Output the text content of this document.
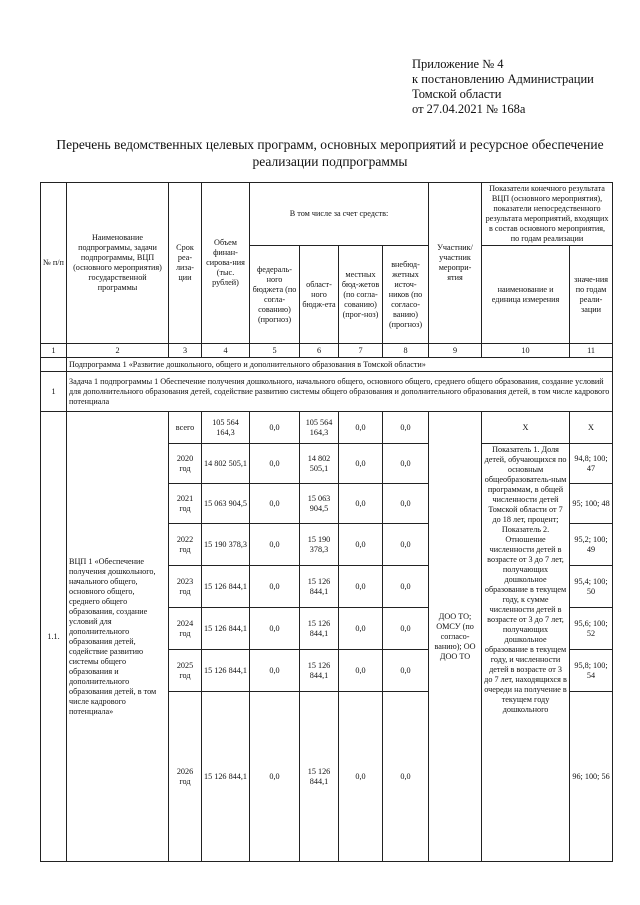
Приложение № 4
к постановлению Администрации
Томской области
от 27.04.2021 № 168а
Перечень ведомственных целевых программ, основных мероприятий и ресурсное обеспечение
реализации подпрограммы
№ п/п	Наименование подпрограммы, задачи подпрограммы, ВЦП (основного мероприятия) государственной программы	Срок реа-лиза-ции	Объем финан-сирова-ния (тыс. рублей)	В том числе за счет средств:				Участник/ участник меропри-ятия	Показатели конечного результата ВЦП (основного мероприятия), показатели непосредственного результата мероприятий, входящих в состав основного мероприятия, по годам реализации	
				федераль-ного бюджета (по согла-сованию) (прогноз)	област-ного бюдж-ета	местных бюд-жетов (по согла-сованию) (прог-ноз)	внебюд-жетных источ-ников (по согласо-ванию) (прогноз)		наименование и единица измерения	значе-ния по годам реали-зации
1	2	3	4	5	6	7	8	9	10	11
	Подпрограмма 1 «Развитие дошкольного, общего и дополнительного образования в Томской области»									
1	Задача 1 подпрограммы 1 Обеспечение получения дошкольного, начального общего, основного общего, среднего общего образования, создание условий для дополнительного образования детей, содействие развитию системы общего образования и дополнительного образования детей, в том числе кадрового потенциала									
1.1.	ВЦП 1 «Обеспечение получения дошкольного, начального общего, основного общего, среднего общего образования, создание условий для дополнительного образования детей, содействие развитию системы общего образования и дополнительного образования детей, в том числе кадрового потенциала»	всего	105 564 164,3	0,0	105 564 164,3	0,0	0,0	ДОО ТО; ОМСУ (по согласо-ванию); ОО ДОО ТО	Х	Х
		2020 год	14 802 505,1	0,0	14 802 505,1	0,0	0,0		Показатель 1. Доля детей, обучающихся по основным общеобразователь-ным программам, в общей численности детей Томской области от 7 до 18 лет, процент; Показатель 2. Отношение численности детей в возрасте от 3 до 7 лет, получающих дошкольное образование в текущем году, к сумме численности детей в возрасте от 3 до 7 лет, получающих дошкольное образование в текущем году, и численности детей в возрасте от 3 до 7 лет, находящихся в очереди на получение в текущем году дошкольного	94,8; 100; 47
		2021 год	15 063 904,5	0,0	15 063 904,5	0,0	0,0			95; 100; 48
		2022 год	15 190 378,3	0,0	15 190 378,3	0,0	0,0			95,2; 100; 49
		2023 год	15 126 844,1	0,0	15 126 844,1	0,0	0,0			95,4; 100; 50
		2024 год	15 126 844,1	0,0	15 126 844,1	0,0	0,0			95,6; 100; 52
		2025 год	15 126 844,1	0,0	15 126 844,1	0,0	0,0			95,8; 100; 54
		2026 год	15 126 844,1	0,0	15 126 844,1	0,0	0,0			96; 100; 56
